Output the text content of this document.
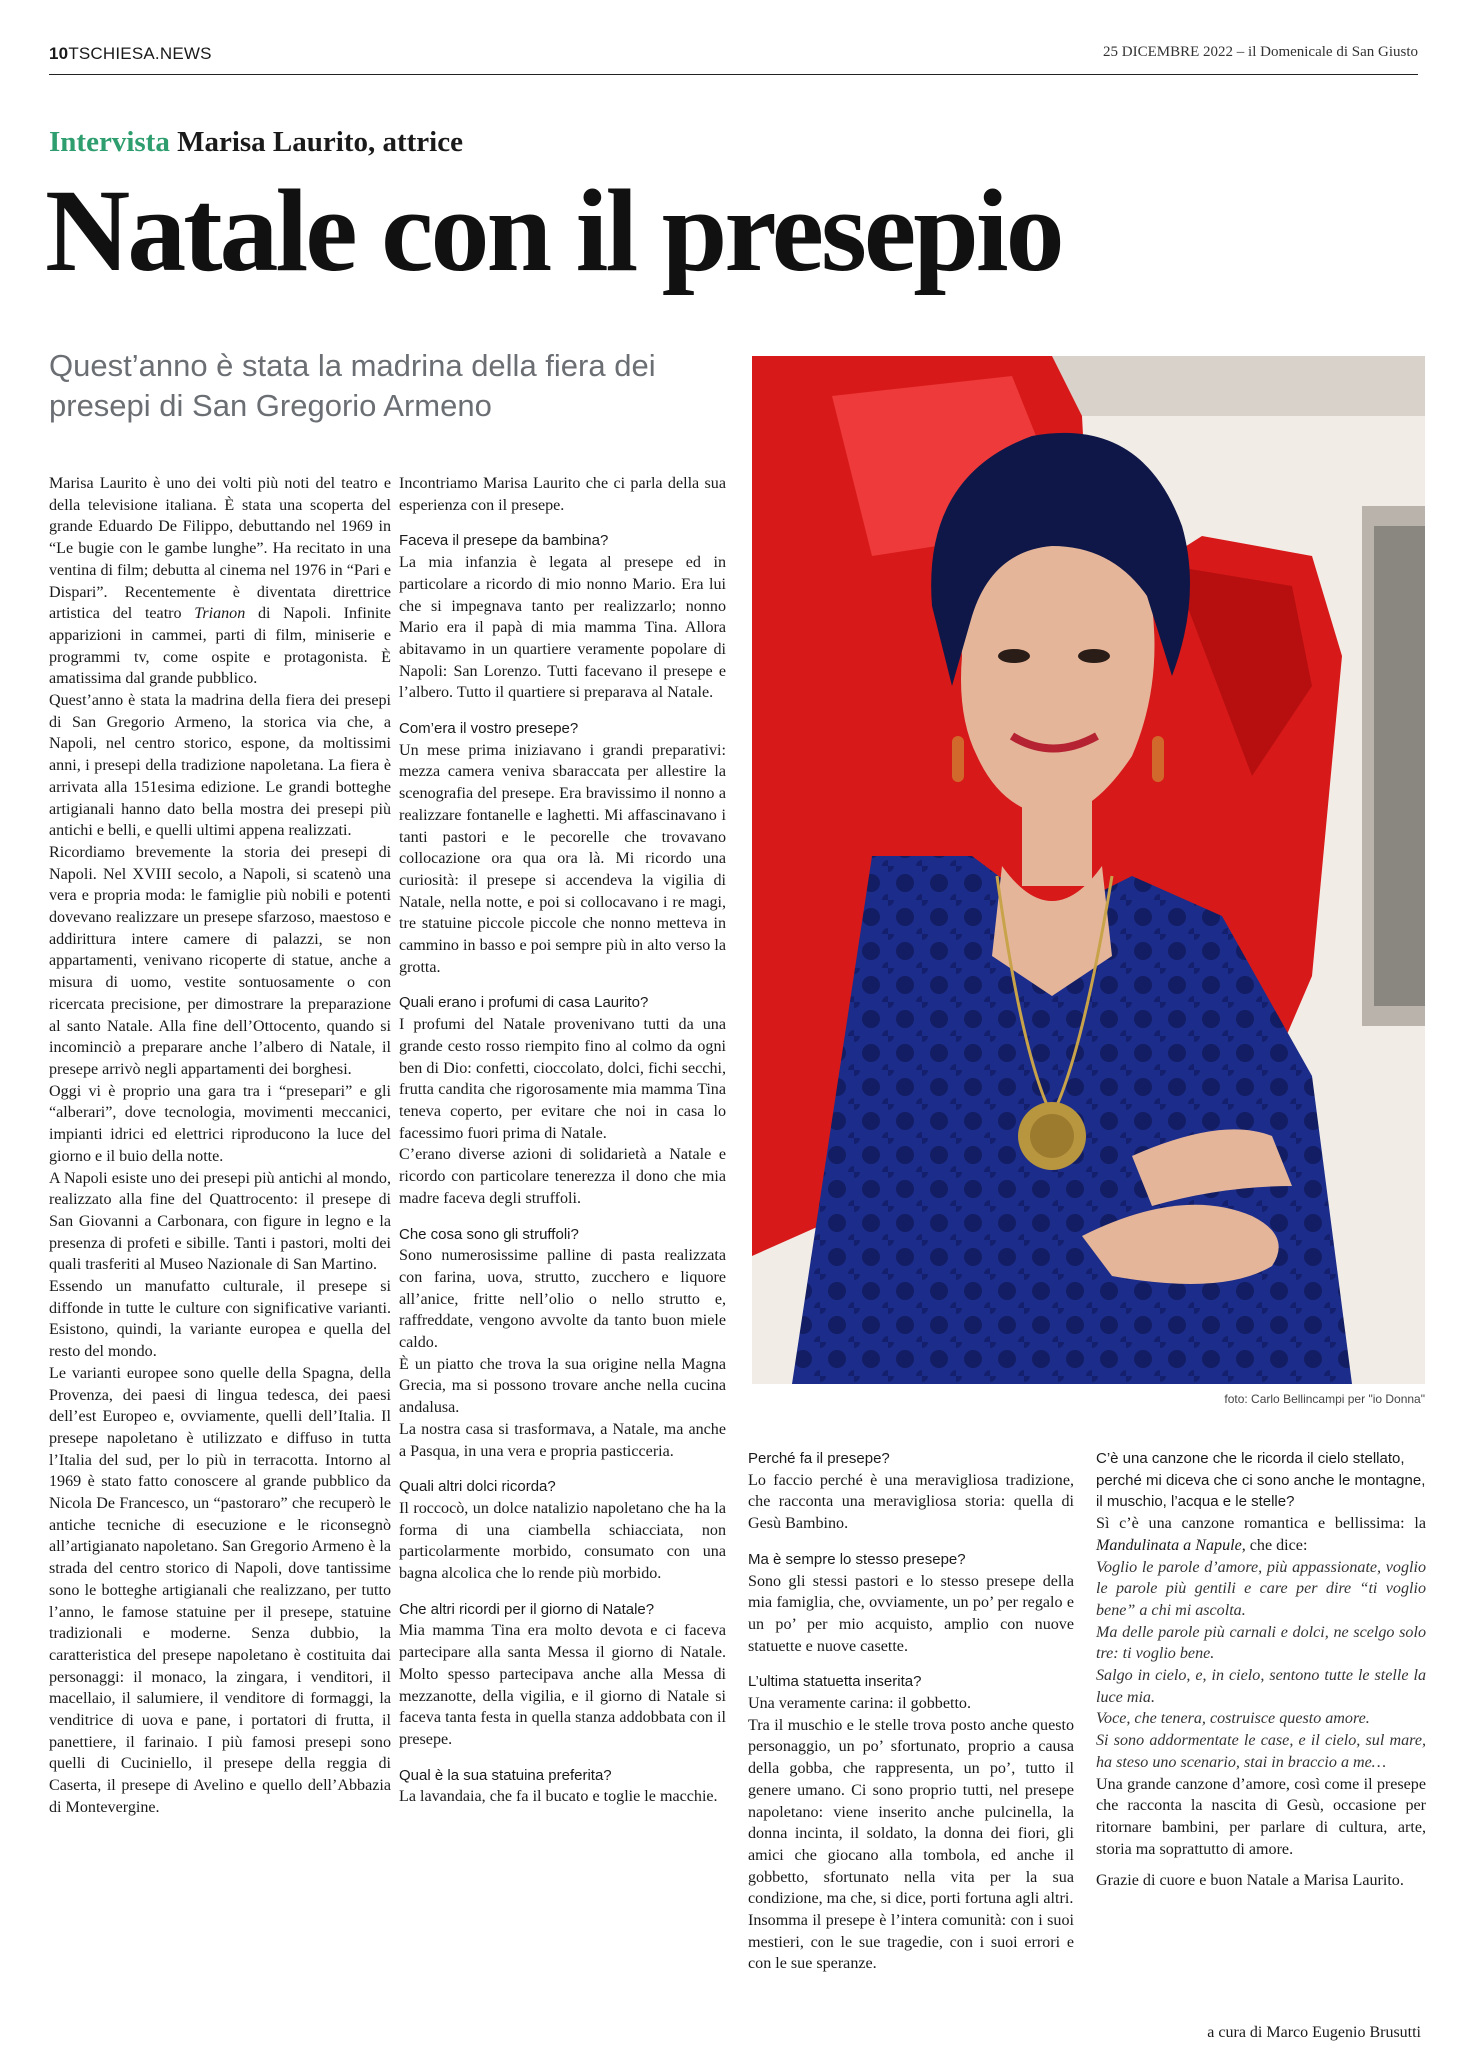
10TSCHIESA.NEWS	25 DICEMBRE 2022 – il Domenicale di San Giusto
Intervista Marisa Laurito, attrice
Natale con il presepio
Quest’anno è stata la madrina della fiera dei presepi di San Gregorio Armeno
foto: Carlo Bellincampi per "io Donna"

Marisa Laurito è uno dei volti più noti del teatro e della televisione italiana. È stata una scoperta del grande Eduardo De Filippo, debuttando nel 1969 in “Le bugie con le gambe lunghe”. Ha recitato in una ventina di film; debutta al cinema nel 1976 in “Pari e Dispari”. Recentemente è diventata direttrice artistica del teatro Trianon di Napoli. Infinite apparizioni in cammei, parti di film, miniserie e programmi tv, come ospite e protagonista. È amatissima dal grande pubblico.

Quest’anno è stata la madrina della fiera dei presepi di San Gregorio Armeno, la storica via che, a Napoli, nel centro storico, espone, da moltissimi anni, i presepi della tradizione napoletana. La fiera è arrivata alla 151esima edizione. Le grandi botteghe artigianali hanno dato bella mostra dei presepi più antichi e belli, e quelli ultimi appena realizzati.

Ricordiamo brevemente la storia dei presepi di Napoli. Nel XVIII secolo, a Napoli, si scatenò una vera e propria moda: le famiglie più nobili e potenti dovevano realizzare un presepe sfarzoso, maestoso e addirittura intere camere di palazzi, se non appartamenti, venivano ricoperte di statue, anche a misura di uomo, vestite sontuosamente o con ricercata precisione, per dimostrare la preparazione al santo Natale. Alla fine dell’Ottocento, quando si incominciò a preparare anche l’albero di Natale, il presepe arrivò negli appartamenti dei borghesi.

Oggi vi è proprio una gara tra i “presepari” e gli “alberari”, dove tecnologia, movimenti meccanici, impianti idrici ed elettrici riproducono la luce del giorno e il buio della notte.

A Napoli esiste uno dei presepi più antichi al mondo, realizzato alla fine del Quattrocento: il presepe di San Giovanni a Carbonara, con figure in legno e la presenza di profeti e sibille. Tanti i pastori, molti dei quali trasferiti al Museo Nazionale di San Martino.

Essendo un manufatto culturale, il presepe si diffonde in tutte le culture con significative varianti. Esistono, quindi, la variante europea e quella del resto del mondo.

Le varianti europee sono quelle della Spagna, della Provenza, dei paesi di lingua tedesca, dei paesi dell’est Europeo e, ovviamente, quelli dell’Italia. Il presepe napoletano è utilizzato e diffuso in tutta l’Italia del sud, per lo più in terracotta. Intorno al 1969 è stato fatto conoscere al grande pubblico da Nicola De Francesco, un “pastoraro” che recuperò le antiche tecniche di esecuzione e le riconsegnò all’artigianato napoletano. San Gregorio Armeno è la strada del centro storico di Napoli, dove tantissime sono le botteghe artigianali che realizzano, per tutto l’anno, le famose statuine per il presepe, statuine tradizionali e moderne. Senza dubbio, la caratteristica del presepe napoletano è costituita dai personaggi: il monaco, la zingara, i venditori, il macellaio, il salumiere, il venditore di formaggi, la venditrice di uova e pane, i portatori di frutta, il panettiere, il farinaio. I più famosi presepi sono quelli di Cuciniello, il presepe della reggia di Caserta, il presepe di Avelino e quello dell’Abbazia di Montevergine.

Incontriamo Marisa Laurito che ci parla della sua esperienza con il presepe.

Faceva il presepe da bambina?

La mia infanzia è legata al presepe ed in particolare a ricordo di mio nonno Mario. Era lui che si impegnava tanto per realizzarlo; nonno Mario era il papà di mia mamma Tina. Allora abitavamo in un quartiere veramente popolare di Napoli: San Lorenzo. Tutti facevano il presepe e l’albero. Tutto il quartiere si preparava al Natale.

Com’era il vostro presepe?

Un mese prima iniziavano i grandi preparativi: mezza camera veniva sbaraccata per allestire la scenografia del presepe. Era bravissimo il nonno a realizzare fontanelle e laghetti. Mi affascinavano i tanti pastori e le pecorelle che trovavano collocazione ora qua ora là. Mi ricordo una curiosità: il presepe si accendeva la vigilia di Natale, nella notte, e poi si collocavano i re magi, tre statuine piccole piccole che nonno metteva in cammino in basso e poi sempre più in alto verso la grotta.

Quali erano i profumi di casa Laurito?

I profumi del Natale provenivano tutti da una grande cesto rosso riempito fino al colmo da ogni ben di Dio: confetti, cioccolato, dolci, fichi secchi, frutta candita che rigorosamente mia mamma Tina teneva coperto, per evitare che noi in casa lo facessimo fuori prima di Natale.

C’erano diverse azioni di solidarietà a Natale e ricordo con particolare tenerezza il dono che mia madre faceva degli struffoli.

Che cosa sono gli struffoli?

Sono numerosissime palline di pasta realizzata con farina, uova, strutto, zucchero e liquore all’anice, fritte nell’olio o nello strutto e, raffreddate, vengono avvolte da tanto buon miele caldo.

È un piatto che trova la sua origine nella Magna Grecia, ma si possono trovare anche nella cucina andalusa.

La nostra casa si trasformava, a Natale, ma anche a Pasqua, in una vera e propria pasticceria.

Quali altri dolci ricorda?

Il roccocò, un dolce natalizio napoletano che ha la forma di una ciambella schiacciata, non particolarmente morbido, consumato con una bagna alcolica che lo rende più morbido.

Che altri ricordi per il giorno di Natale?

Mia mamma Tina era molto devota e ci faceva partecipare alla santa Messa il giorno di Natale. Molto spesso partecipava anche alla Messa di mezzanotte, della vigilia, e il giorno di Natale si faceva tanta festa in quella stanza addobbata con il presepe.

Qual è la sua statuina preferita?

La lavandaia, che fa il bucato e toglie le macchie.

Perché fa il presepe?

Lo faccio perché è una meravigliosa tradizione, che racconta una meravigliosa storia: quella di Gesù Bambino.

Ma è sempre lo stesso presepe?

Sono gli stessi pastori e lo stesso presepe della mia famiglia, che, ovviamente, un po’ per regalo e un po’ per mio acquisto, amplio con nuove statuette e nuove casette.

L’ultima statuetta inserita?

Una veramente carina: il gobbetto.

Tra il muschio e le stelle trova posto anche questo personaggio, un po’ sfortunato, proprio a causa della gobba, che rappresenta, un po’, tutto il genere umano. Ci sono proprio tutti, nel presepe napoletano: viene inserito anche pulcinella, la donna incinta, il soldato, la donna dei fiori, gli amici che giocano alla tombola, ed anche il gobbetto, sfortunato nella vita per la sua condizione, ma che, si dice, porti fortuna agli altri.

Insomma il presepe è l’intera comunità: con i suoi mestieri, con le sue tragedie, con i suoi errori e con le sue speranze.

C’è una canzone che le ricorda il cielo stellato, perché mi diceva che ci sono anche le montagne, il muschio, l’acqua e le stelle?

Sì c’è una canzone romantica e bellissima: la Mandulinata a Napule, che dice:

Voglio le parole d’amore, più appassionate, voglio le parole più gentili e care per dire “ti voglio bene” a chi mi ascolta.

Ma delle parole più carnali e dolci, ne scelgo solo tre: ti voglio bene.

Salgo in cielo, e, in cielo, sentono tutte le stelle la luce mia.

Voce, che tenera, costruisce questo amore.

Si sono addormentate le case, e il cielo, sul mare, ha steso uno scenario, stai in braccio a me…

Una grande canzone d’amore, così come il presepe che racconta la nascita di Gesù, occasione per ritornare bambini, per parlare di cultura, arte, storia ma soprattutto di amore.

Grazie di cuore e buon Natale a Marisa Laurito.

a cura di Marco Eugenio Brusutti
